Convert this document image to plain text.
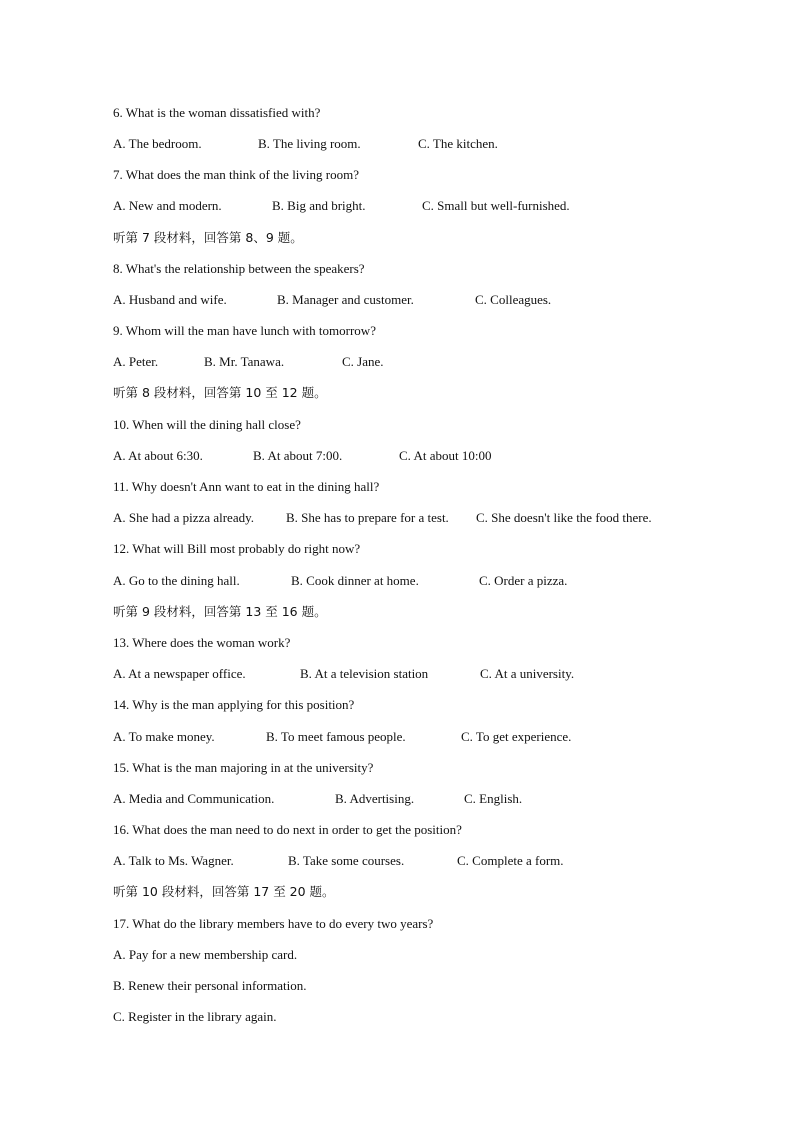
6. What is the woman dissatisfied with?
A. The bedroom.	B. The living room.	C. The kitchen.
7. What does the man think of the living room?
A. New and modern.	B. Big and bright.	C. Small but well-furnished.
听第 7 段材料，回答第 8、9 题。
8. What's the relationship between the speakers?
A. Husband and wife.	B. Manager and customer.	C. Colleagues.
9. Whom will the man have lunch with tomorrow?
A. Peter.	B. Mr. Tanawa.	C. Jane.
听第 8 段材料，回答第 10 至 12 题。
10. When will the dining hall close?
A. At about 6:30.	B. At about 7:00.	C. At about 10:00
11. Why doesn't Ann want to eat in the dining hall?
A. She had a pizza already. B. She has to prepare for a test. C. She doesn't like the food there.
12. What will Bill most probably do right now?
A. Go to the dining hall.	B. Cook dinner at home.	C. Order a pizza.
听第 9 段材料，回答第 13 至 16 题。
13. Where does the woman work?
A. At a newspaper office.	B. At a television station	C. At a university.
14. Why is the man applying for this position?
A. To make money.	B. To meet famous people.	C. To get experience.
15. What is the man majoring in at the university?
A. Media and Communication.	B. Advertising.	C. English.
16. What does the man need to do next in order to get the position?
A. Talk to Ms. Wagner.	B. Take some courses.	C. Complete a form.
听第 10 段材料，回答第 17 至 20 题。
17. What do the library members have to do every two years?
A. Pay for a new membership card.
B. Renew their personal information.
C. Register in the library again.
